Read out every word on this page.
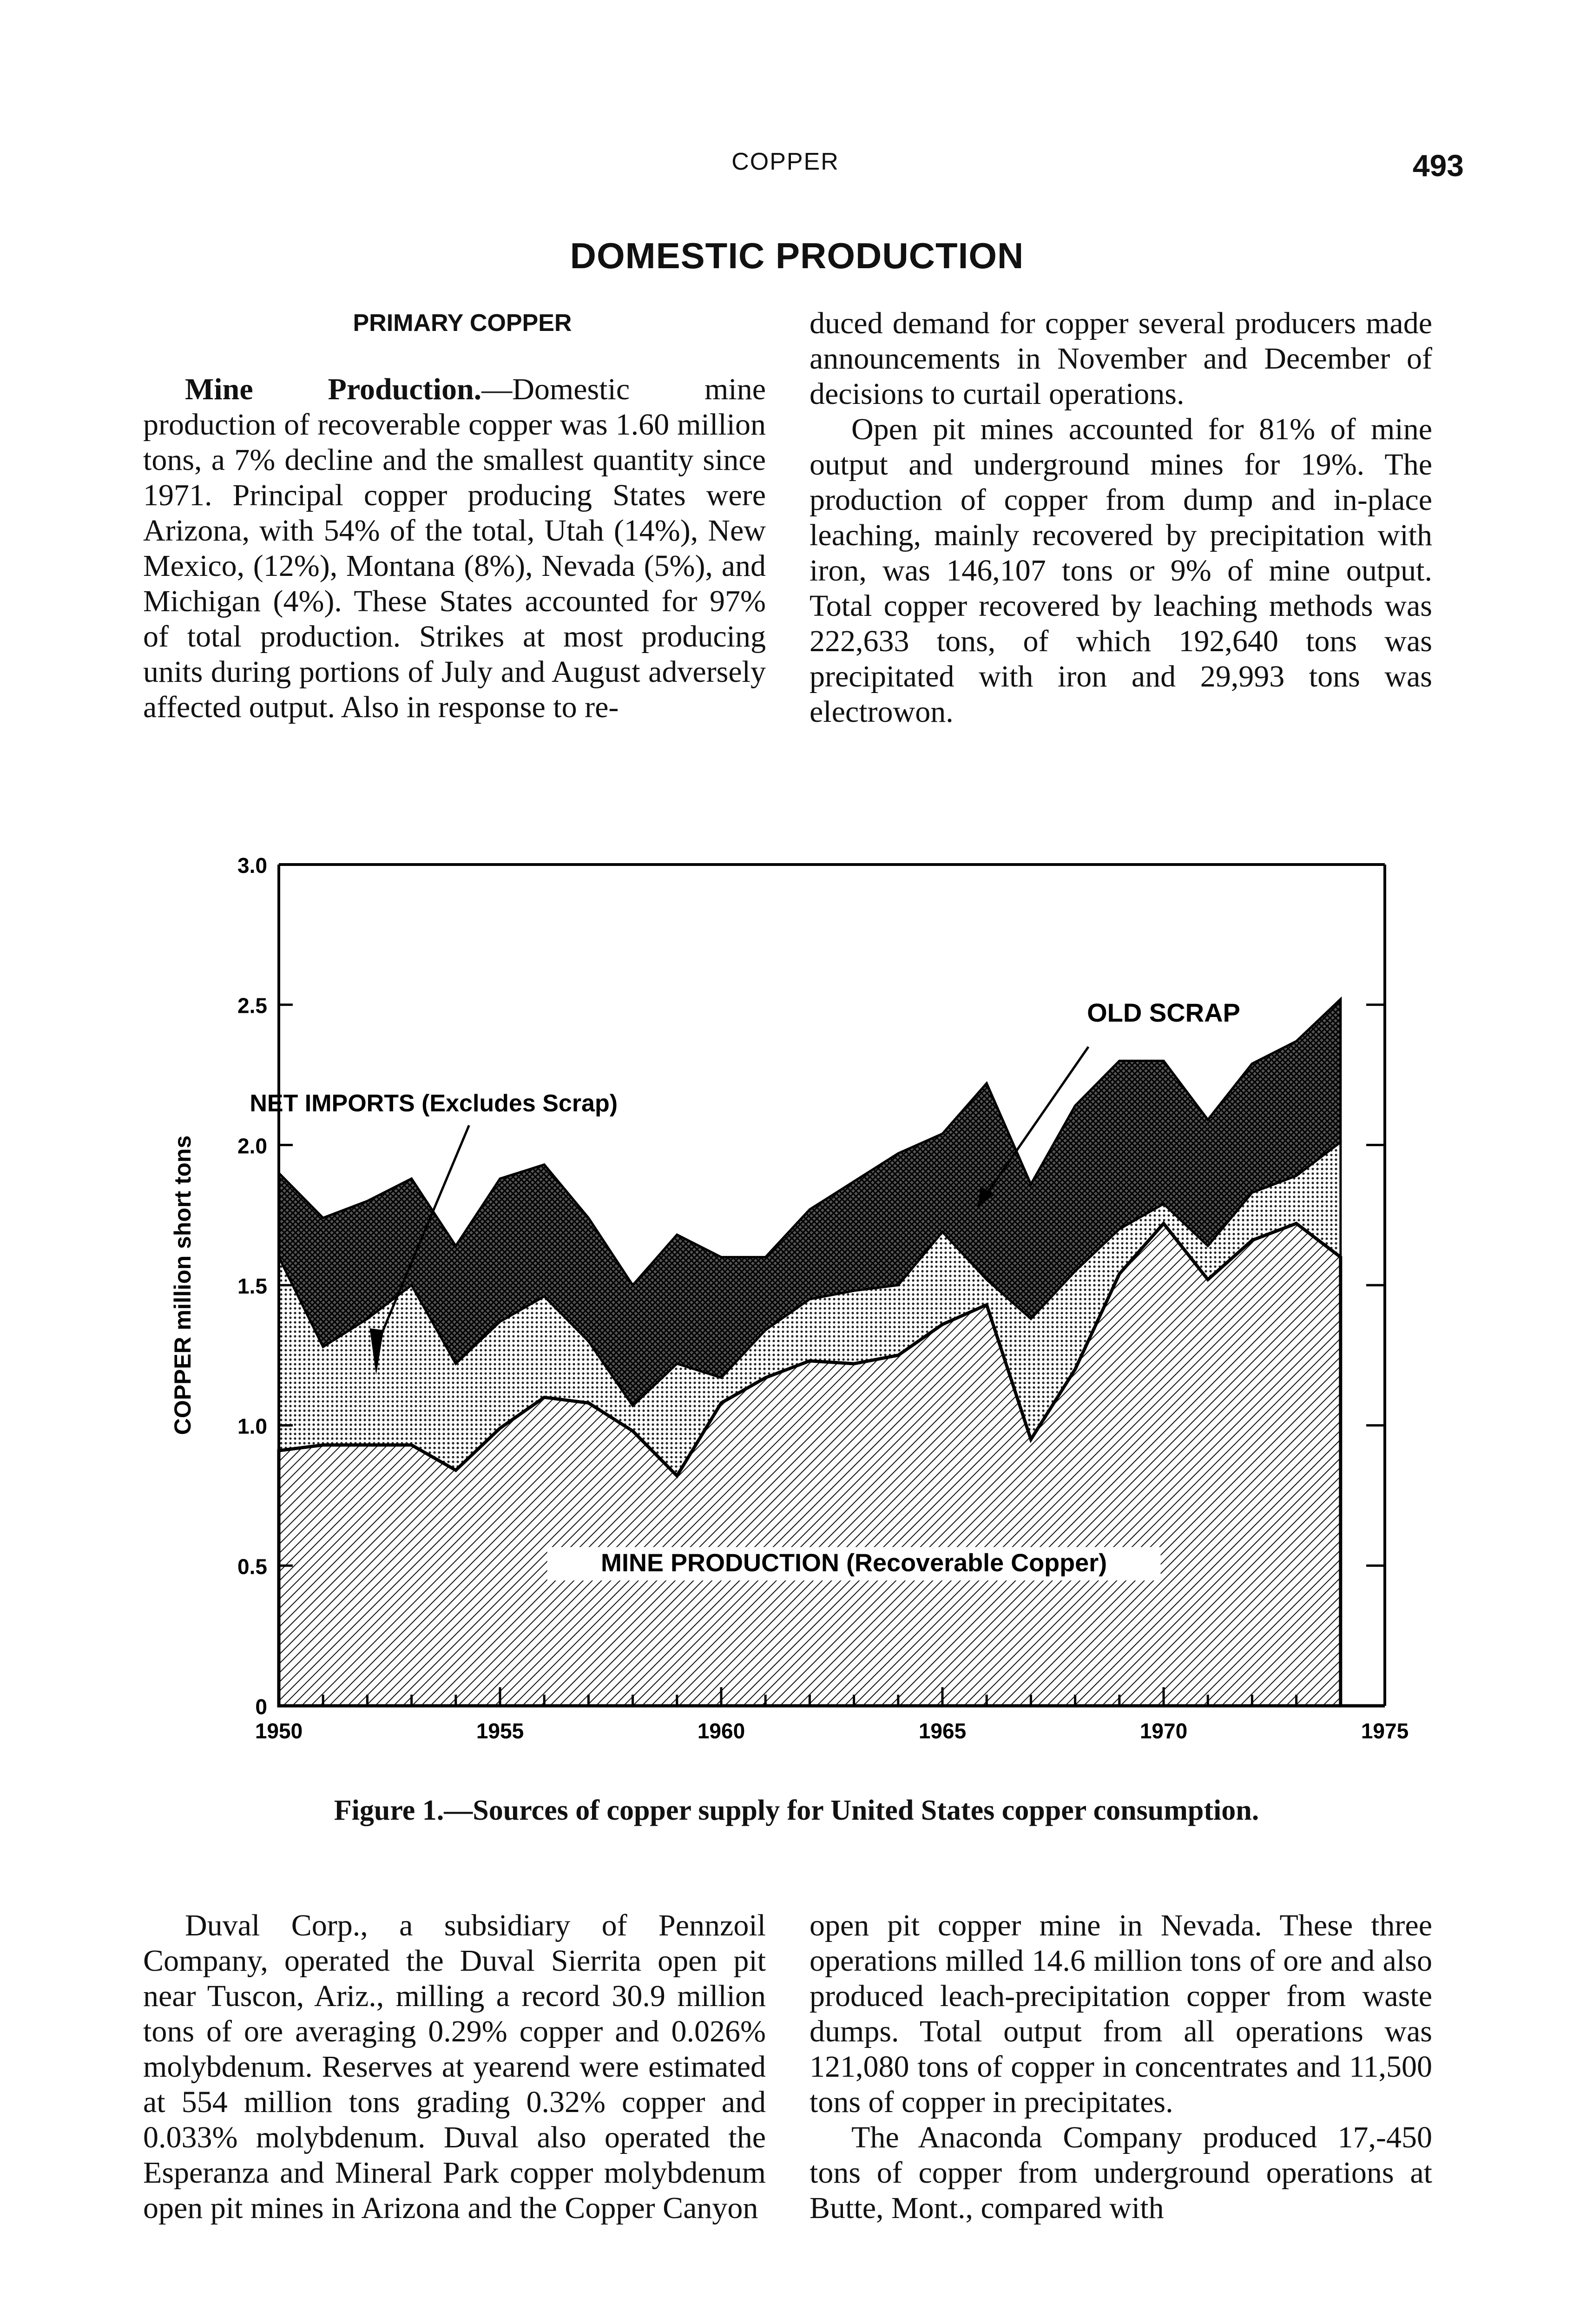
COPPER	493
DOMESTIC PRODUCTION
PRIMARY COPPER

Mine Production.—Domestic mine production of recoverable copper was 1.60 million tons, a 7% decline and the smallest quantity since 1971. Principal copper producing States were Arizona, with 54% of the total, Utah (14%), New Mexico, (12%), Montana (8%), Nevada (5%), and Michigan (4%). These States accounted for 97% of total production. Strikes at most producing units during portions of July and August adversely affected output. Also in response to re-

duced demand for copper several producers made announcements in November and December of decisions to curtail operations.

Open pit mines accounted for 81% of mine output and underground mines for 19%. The production of copper from dump and in-place leaching, mainly recovered by precipitation with iron, was 146,107 tons or 9% of mine output. Total copper recovered by leaching methods was 222,633 tons, of which 192,640 tons was precipitated with iron and 29,993 tons was electrowon.

0
0.5
1.0
1.5
2.0
2.5
3.0
1950	1955	1960	1965	1970	1975
COPPER million short tons
NET IMPORTS (Excludes Scrap)
OLD SCRAP
MINE PRODUCTION (Recoverable Copper)
Figure 1.—Sources of copper supply for United States copper consumption.

Duval Corp., a subsidiary of Pennzoil Company, operated the Duval Sierrita open pit near Tuscon, Ariz., milling a record 30.9 million tons of ore averaging 0.29% copper and 0.026% molybdenum. Reserves at yearend were estimated at 554 million tons grading 0.32% copper and 0.033% molybdenum. Duval also operated the Esperanza and Mineral Park copper molybdenum open pit mines in Arizona and the Copper Canyon

open pit copper mine in Nevada. These three operations milled 14.6 million tons of ore and also produced leach-precipitation copper from waste dumps. Total output from all operations was 121,080 tons of copper in concentrates and 11,500 tons of copper in precipitates.

The Anaconda Company produced 17,-450 tons of copper from underground operations at Butte, Mont., compared with
